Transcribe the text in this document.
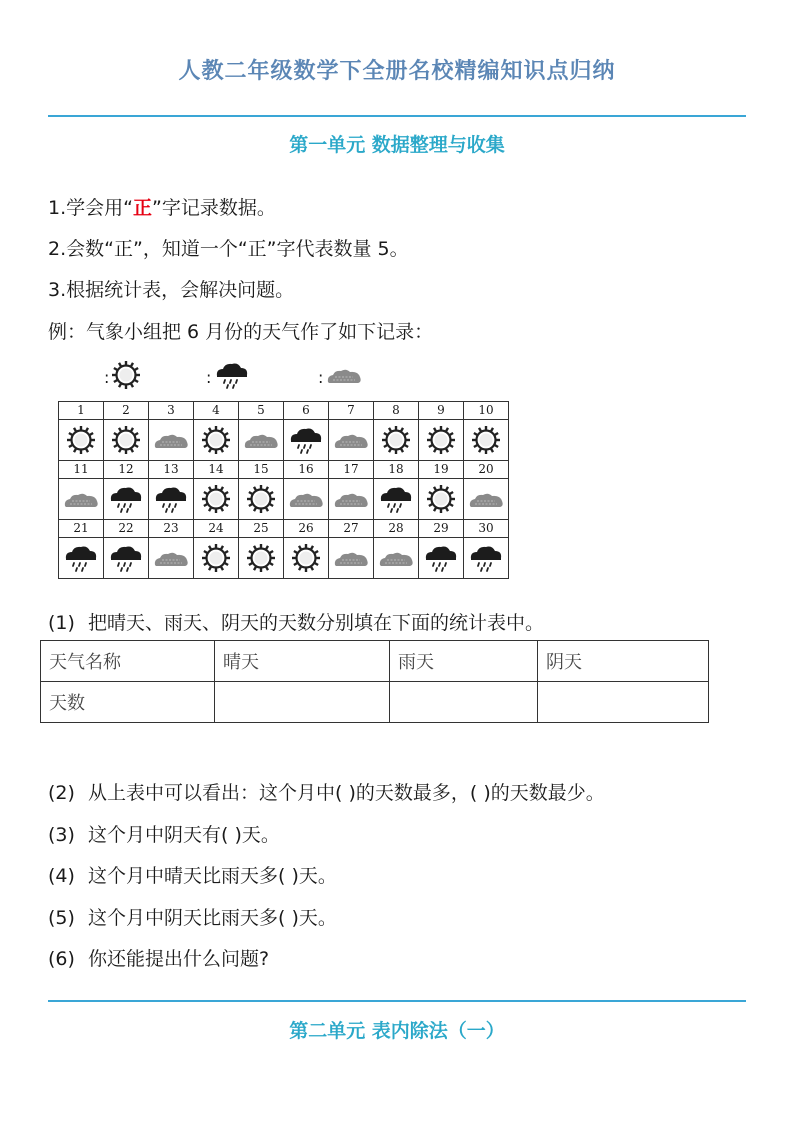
人教二年级数学下全册名校精编知识点归纳
第一单元 数据整理与收集
1.学会用“正”字记录数据。
2.会数“正”，知道一个“正”字代表数量 5。
3.根据统计表，会解决问题。
例：气象小组把 6 月份的天气作了如下记录：
:	:	:
1	2	3	4	5	6	7	8	9	10

11	12	13	14	15	16	17	18	19	20

21	22	23	24	25	26	27	28	29	30

(1) 把晴天、雨天、阴天的天数分别填在下面的统计表中。
天气名称	晴天	雨天	阴天
天数			
(2) 从上表中可以看出：这个月中( )的天数最多，( )的天数最少。
(3) 这个月中阴天有( )天。
(4) 这个月中晴天比雨天多( )天。
(5) 这个月中阴天比雨天多( )天。
(6) 你还能提出什么问题?
第二单元 表内除法（一）
